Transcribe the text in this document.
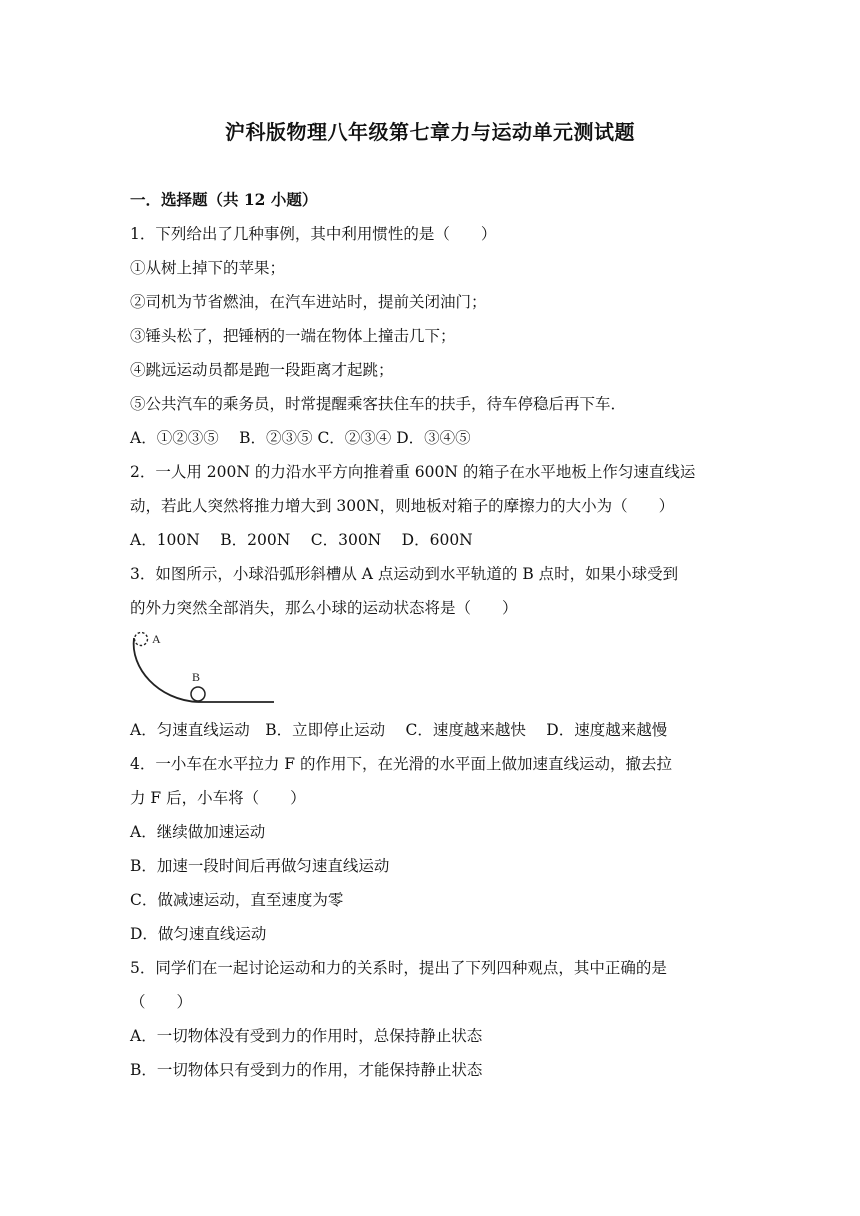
沪科版物理八年级第七章力与运动单元测试题
一．选择题（共 12 小题）
1．下列给出了几种事例，其中利用惯性的是（　　）
①从树上掉下的苹果；
②司机为节省燃油，在汽车进站时，提前关闭油门；
③锤头松了，把锤柄的一端在物体上撞击几下；
④跳远运动员都是跑一段距离才起跳；
⑤公共汽车的乘务员，时常提醒乘客扶住车的扶手，待车停稳后再下车．
A．①②③⑤　 B．②③⑤ C．②③④ D．③④⑤
2．一人用 200N 的力沿水平方向推着重 600N 的箱子在水平地板上作匀速直线运
动，若此人突然将推力增大到 300N，则地板对箱子的摩擦力的大小为（　　）
A．100N　 B．200N　 C．300N　 D．600N
3．如图所示，小球沿弧形斜槽从 A 点运动到水平轨道的 B 点时，如果小球受到
的外力突然全部消失，那么小球的运动状态将是（　　）
A
B
A．匀速直线运动　B．立即停止运动　 C．速度越来越快　 D．速度越来越慢
4．一小车在水平拉力 F 的作用下，在光滑的水平面上做加速直线运动，撤去拉
力 F 后，小车将（　　）
A．继续做加速运动
B．加速一段时间后再做匀速直线运动
C．做减速运动，直至速度为零
D．做匀速直线运动
5．同学们在一起讨论运动和力的关系时，提出了下列四种观点，其中正确的是
（　　）
A．一切物体没有受到力的作用时，总保持静止状态
B．一切物体只有受到力的作用，才能保持静止状态
